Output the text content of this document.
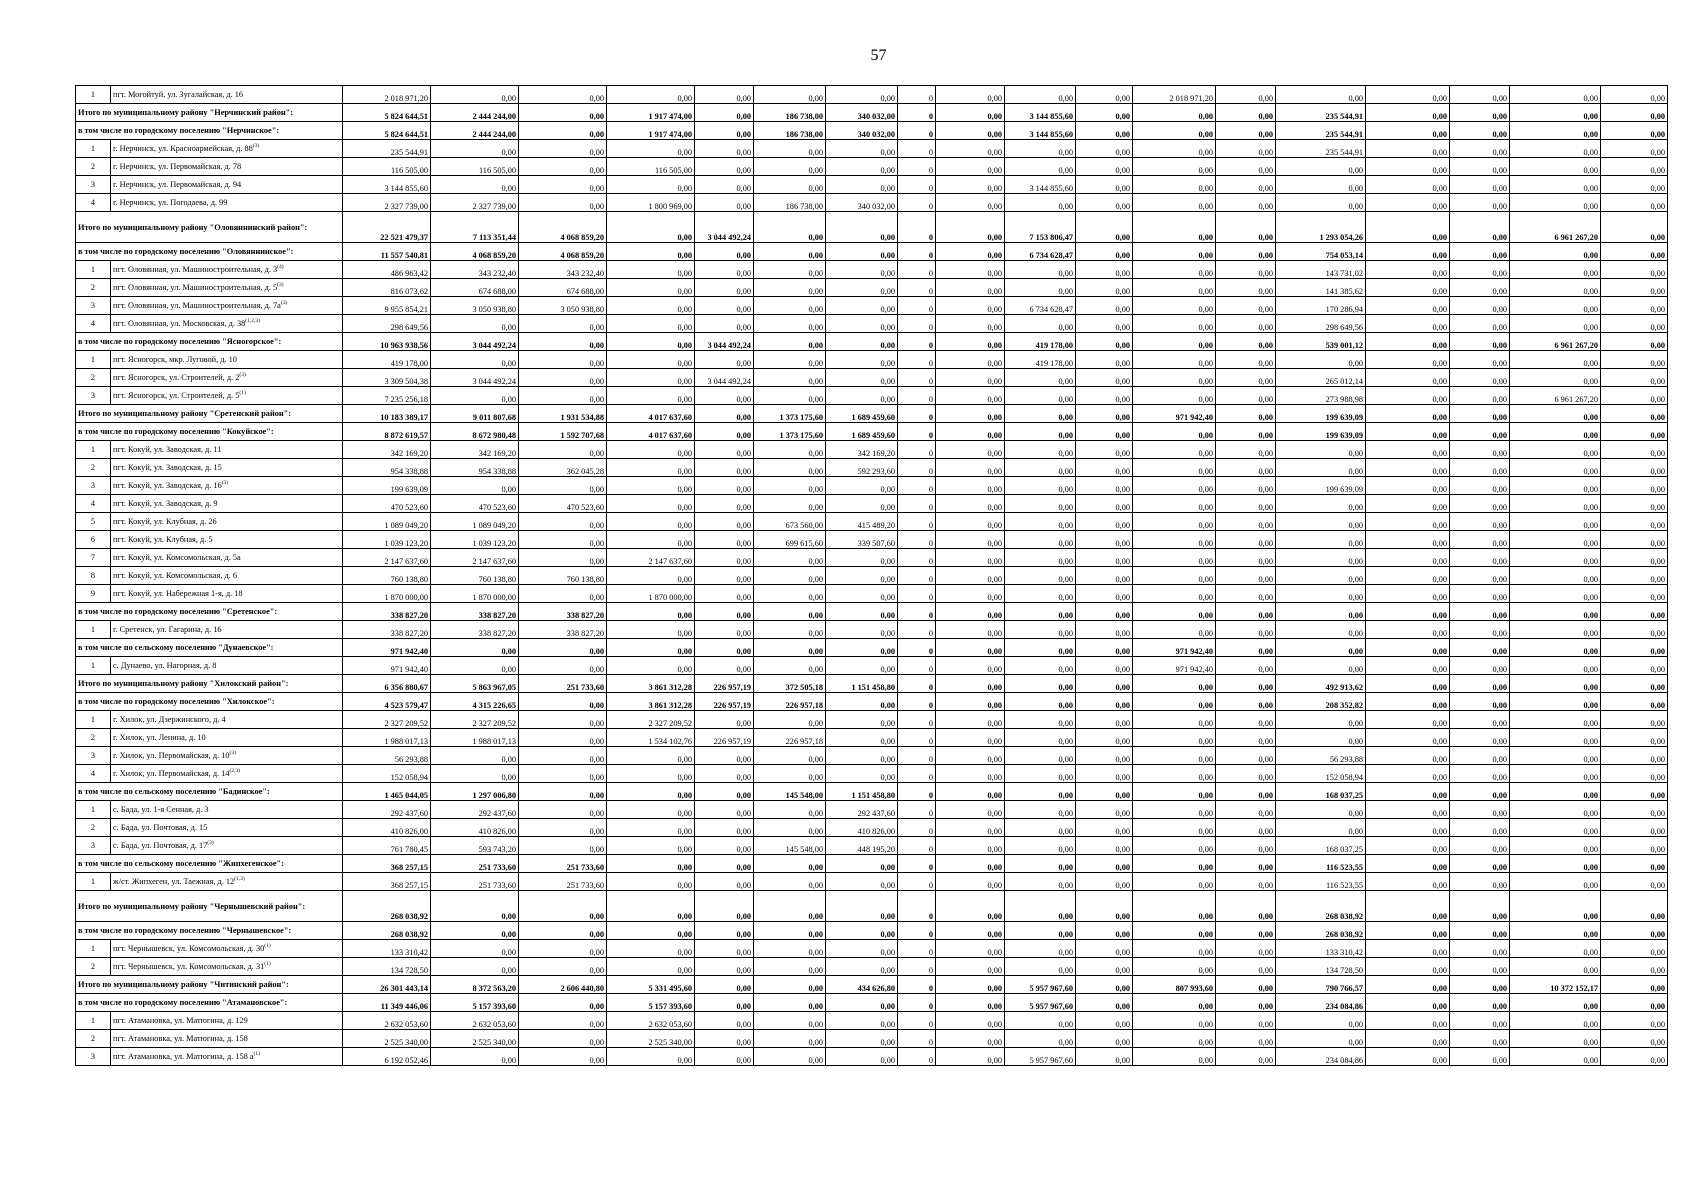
57
1	пгт. Могойтуй, ул. Зугалайская, д. 16	2 018 971,20	0,00	0,00	0,00	0,00	0,00	0,00	0	0,00	0,00	0,00	2 018 971,20	0,00	0,00	0,00	0,00	0,00	0,00
Итого по муниципальному району "Нерчинский район":		5 824 644,51	2 444 244,00	0,00	1 917 474,00	0,00	186 738,00	340 032,00	0	0,00	3 144 855,60	0,00	0,00	0,00	235 544,91	0,00	0,00	0,00	0,00
в том числе по городскому поселению "Нерчинское":		5 824 644,51	2 444 244,00	0,00	1 917 474,00	0,00	186 738,00	340 032,00	0	0,00	3 144 855,60	0,00	0,00	0,00	235 544,91	0,00	0,00	0,00	0,00
1	г. Нерчинск, ул. Красноармейская, д. 88$^{(3)}$	235 544,91	0,00	0,00	0,00	0,00	0,00	0,00	0	0,00	0,00	0,00	0,00	0,00	235 544,91	0,00	0,00	0,00	0,00
2	г. Нерчинск, ул. Первомайская, д. 78	116 505,00	116 505,00	0,00	116 505,00	0,00	0,00	0,00	0	0,00	0,00	0,00	0,00	0,00	0,00	0,00	0,00	0,00	0,00
3	г. Нерчинск, ул. Первомайская, д. 94	3 144 855,60	0,00	0,00	0,00	0,00	0,00	0,00	0	0,00	3 144 855,60	0,00	0,00	0,00	0,00	0,00	0,00	0,00	0,00
4	г. Нерчинск, ул. Погодаева, д. 99	2 327 739,00	2 327 739,00	0,00	1 800 969,00	0,00	186 738,00	340 032,00	0	0,00	0,00	0,00	0,00	0,00	0,00	0,00	0,00	0,00	0,00
Итого по муниципальному району "Оловяннинский район":		22 521 479,37	7 113 351,44	4 068 859,20	0,00	3 044 492,24	0,00	0,00	0	0,00	7 153 806,47	0,00	0,00	0,00	1 293 054,26	0,00	0,00	6 961 267,20	0,00
в том числе по городскому поселению "Оловяннинское":		11 557 540,81	4 068 859,20	4 068 859,20	0,00	0,00	0,00	0,00	0	0,00	6 734 628,47	0,00	0,00	0,00	754 053,14	0,00	0,00	0,00	0,00
1	пгт. Оловянная, ул. Машиностроительная, д. 3$^{(4)}$	486 963,42	343 232,40	343 232,40	0,00	0,00	0,00	0,00	0	0,00	0,00	0,00	0,00	0,00	143 731,02	0,00	0,00	0,00	0,00
2	пгт. Оловянная, ул. Машиностроительная, д. 5$^{(3)}$	816 073,62	674 688,00	674 688,00	0,00	0,00	0,00	0,00	0	0,00	0,00	0,00	0,00	0,00	141 385,62	0,00	0,00	0,00	0,00
3	пгт. Оловянная, ул. Машиностроительная, д. $7а^{(3)}$	9 955 854,21	3 050 938,80	3 050 938,80	0,00	0,00	0,00	0,00	0	0,00	6 734 628,47	0,00	0,00	0,00	170 286,94	0,00	0,00	0,00	0,00
4	пгт. Оловянная, ул. Московская, д. 38$^{(1,2,3)}$	298 649,56	0,00	0,00	0,00	0,00	0,00	0,00	0	0,00	0,00	0,00	0,00	0,00	298 649,56	0,00	0,00	0,00	0,00
в том числе по городскому поселению "Ясногорское":		10 963 938,56	3 044 492,24	0,00	0,00	3 044 492,24	0,00	0,00	0	0,00	419 178,00	0,00	0,00	0,00	539 001,12	0,00	0,00	6 961 267,20	0,00
1	пгт. Ясногорск, мкр. Луговой, д. 10	419 178,00	0,00	0,00	0,00	0,00	0,00	0,00	0	0,00	419 178,00	0,00	0,00	0,00	0,00	0,00	0,00	0,00	0,00
2	пгт. Ясногорск, ул. Строителей, д. 2$^{(3)}$	3 309 504,38	3 044 492,24	0,00	0,00	3 044 492,24	0,00	0,00	0	0,00	0,00	0,00	0,00	0,00	265 012,14	0,00	0,00	0,00	0,00
3	пгт. Ясногорск, ул. Строителей, д. 5$^{(1)}$	7 235 256,18	0,00	0,00	0,00	0,00	0,00	0,00	0	0,00	0,00	0,00	0,00	0,00	273 988,98	0,00	0,00	6 961 267,20	0,00
Итого по муниципальному району "Сретенский район":		10 183 389,17	9 011 807,68	1 931 534,88	4 017 637,60	0,00	1 373 175,60	1 689 459,60	0	0,00	0,00	0,00	971 942,40	0,00	199 639,09	0,00	0,00	0,00	0,00
в том числе по городскому поселению "Кокуйское":		8 872 619,57	8 672 980,48	1 592 707,68	4 017 637,60	0,00	1 373 175,60	1 689 459,60	0	0,00	0,00	0,00	0,00	0,00	199 639,09	0,00	0,00	0,00	0,00
1	пгт. Кокуй, ул. Заводская, д. 11	342 169,20	342 169,20	0,00	0,00	0,00	0,00	342 169,20	0	0,00	0,00	0,00	0,00	0,00	0,00	0,00	0,00	0,00	0,00
2	пгт. Кокуй, ул. Заводская, д. 15	954 338,88	954 338,88	362 045,28	0,00	0,00	0,00	592 293,60	0	0,00	0,00	0,00	0,00	0,00	0,00	0,00	0,00	0,00	0,00
3	пгт. Кокуй, ул. Заводская, д. 16$^{(3)}$	199 639,09	0,00	0,00	0,00	0,00	0,00	0,00	0	0,00	0,00	0,00	0,00	0,00	199 639,09	0,00	0,00	0,00	0,00
4	пгт. Кокуй, ул. Заводская, д. 9	470 523,60	470 523,60	470 523,60	0,00	0,00	0,00	0,00	0	0,00	0,00	0,00	0,00	0,00	0,00	0,00	0,00	0,00	0,00
5	пгт. Кокуй, ул. Клубная, д. 26	1 089 049,20	1 089 049,20	0,00	0,00	0,00	673 560,00	415 489,20	0	0,00	0,00	0,00	0,00	0,00	0,00	0,00	0,00	0,00	0,00
6	пгт. Кокуй, ул. Клубная, д. 5	1 039 123,20	1 039 123,20	0,00	0,00	0,00	699 615,60	339 507,60	0	0,00	0,00	0,00	0,00	0,00	0,00	0,00	0,00	0,00	0,00
7	пгт. Кокуй, ул. Комсомольская, д. 5а	2 147 637,60	2 147 637,60	0,00	2 147 637,60	0,00	0,00	0,00	0	0,00	0,00	0,00	0,00	0,00	0,00	0,00	0,00	0,00	0,00
8	пгт. Кокуй, ул. Комсомольская, д. 6	760 138,80	760 138,80	760 138,80	0,00	0,00	0,00	0,00	0	0,00	0,00	0,00	0,00	0,00	0,00	0,00	0,00	0,00	0,00
9	пгт. Кокуй, ул. Набережная 1-я, д. 18	1 870 000,00	1 870 000,00	0,00	1 870 000,00	0,00	0,00	0,00	0	0,00	0,00	0,00	0,00	0,00	0,00	0,00	0,00	0,00	0,00
в том числе по городскому поселению "Сретенское":		338 827,20	338 827,20	338 827,20	0,00	0,00	0,00	0,00	0	0,00	0,00	0,00	0,00	0,00	0,00	0,00	0,00	0,00	0,00
1	г. Сретенск, ул. Гагарина, д. 16	338 827,20	338 827,20	338 827,20	0,00	0,00	0,00	0,00	0	0,00	0,00	0,00	0,00	0,00	0,00	0,00	0,00	0,00	0,00
в том числе по сельскому поселению "Дунаевское":		971 942,40	0,00	0,00	0,00	0,00	0,00	0,00	0	0,00	0,00	0,00	971 942,40	0,00	0,00	0,00	0,00	0,00	0,00
1	с. Дунаево, ул. Нагорная, д. 8	971 942,40	0,00	0,00	0,00	0,00	0,00	0,00	0	0,00	0,00	0,00	971 942,40	0,00	0,00	0,00	0,00	0,00	0,00
Итого по муниципальному району "Хилокский район":		6 356 880,67	5 863 967,05	251 733,60	3 861 312,28	226 957,19	372 505,18	1 151 458,80	0	0,00	0,00	0,00	0,00	0,00	492 913,62	0,00	0,00	0,00	0,00
в том числе по городскому поселению "Хилокское":		4 523 579,47	4 315 226,65	0,00	3 861 312,28	226 957,19	226 957,18	0,00	0	0,00	0,00	0,00	0,00	0,00	208 352,82	0,00	0,00	0,00	0,00
1	г. Хилок, ул. Дзержинского, д. 4	2 327 209,52	2 327 209,52	0,00	2 327 209,52	0,00	0,00	0,00	0	0,00	0,00	0,00	0,00	0,00	0,00	0,00	0,00	0,00	0,00
2	г. Хилок, ул. Ленина, д. 10	1 988 017,13	1 988 017,13	0,00	1 534 102,76	226 957,19	226 957,18	0,00	0	0,00	0,00	0,00	0,00	0,00	0,00	0,00	0,00	0,00	0,00
3	г. Хилок, ул. Первомайская, д. 10$^{(3)}$	56 293,88	0,00	0,00	0,00	0,00	0,00	0,00	0	0,00	0,00	0,00	0,00	0,00	56 293,88	0,00	0,00	0,00	0,00
4	г. Хилок, ул. Первомайская, д. 14$^{(2,3)}$	152 058,94	0,00	0,00	0,00	0,00	0,00	0,00	0	0,00	0,00	0,00	0,00	0,00	152 058,94	0,00	0,00	0,00	0,00
в том числе по сельскому поселению "Бадинское":		1 465 044,05	1 297 006,80	0,00	0,00	0,00	145 548,00	1 151 458,80	0	0,00	0,00	0,00	0,00	0,00	168 037,25	0,00	0,00	0,00	0,00
1	с. Бада, ул. 1-я Сенная, д. 3	292 437,60	292 437,60	0,00	0,00	0,00	0,00	292 437,60	0	0,00	0,00	0,00	0,00	0,00	0,00	0,00	0,00	0,00	0,00
2	с. Бада, ул. Почтовая, д. 15	410 826,00	410 826,00	0,00	0,00	0,00	0,00	410 826,00	0	0,00	0,00	0,00	0,00	0,00	0,00	0,00	0,00	0,00	0,00
3	с. Бада, ул. Почтовая, д. 17$^{(3)}$	761 780,45	593 743,20	0,00	0,00	0,00	145 548,00	448 195,20	0	0,00	0,00	0,00	0,00	0,00	168 037,25	0,00	0,00	0,00	0,00
в том числе по сельскому поселению "Жипхегенское":		368 257,15	251 733,60	251 733,60	0,00	0,00	0,00	0,00	0	0,00	0,00	0,00	0,00	0,00	116 523,55	0,00	0,00	0,00	0,00
1	ж/ст. Жипхеген, ул. Таежная, д. 12$^{(1,3)}$	368 257,15	251 733,60	251 733,60	0,00	0,00	0,00	0,00	0	0,00	0,00	0,00	0,00	0,00	116 523,55	0,00	0,00	0,00	0,00
Итого по муниципальному району "Чернышевский район":		268 038,92	0,00	0,00	0,00	0,00	0,00	0,00	0	0,00	0,00	0,00	0,00	0,00	268 038,92	0,00	0,00	0,00	0,00
в том числе по городскому поселению "Чернышевское":		268 038,92	0,00	0,00	0,00	0,00	0,00	0,00	0	0,00	0,00	0,00	0,00	0,00	268 038,92	0,00	0,00	0,00	0,00
1	пгт. Чернышевск, ул. Комсомольская, д. 30$^{(1)}$	133 310,42	0,00	0,00	0,00	0,00	0,00	0,00	0	0,00	0,00	0,00	0,00	0,00	133 310,42	0,00	0,00	0,00	0,00
2	пгт. Чернышевск, ул. Комсомольская, д. 31$^{(1)}$	134 728,50	0,00	0,00	0,00	0,00	0,00	0,00	0	0,00	0,00	0,00	0,00	0,00	134 728,50	0,00	0,00	0,00	0,00
Итого по муниципальному району "Читинский район":		26 301 443,14	8 372 563,20	2 606 440,80	5 331 495,60	0,00	0,00	434 626,80	0	0,00	5 957 967,60	0,00	807 993,60	0,00	790 766,57	0,00	0,00	10 372 152,17	0,00
в том числе по городскому поселению "Атамановское":		11 349 446,06	5 157 393,60	0,00	5 157 393,60	0,00	0,00	0,00	0	0,00	5 957 967,60	0,00	0,00	0,00	234 084,86	0,00	0,00	0,00	0,00
1	пгт. Атамановка, ул. Матюгина, д. 129	2 632 053,60	2 632 053,60	0,00	2 632 053,60	0,00	0,00	0,00	0	0,00	0,00	0,00	0,00	0,00	0,00	0,00	0,00	0,00	0,00
2	пгт. Атамановка, ул. Матюгина, д. 158	2 525 340,00	2 525 340,00	0,00	2 525 340,00	0,00	0,00	0,00	0	0,00	0,00	0,00	0,00	0,00	0,00	0,00	0,00	0,00	0,00
3	пгт. Атамановка, ул. Матюгина, д. 158 $а^{(1)}$	6 192 052,46	0,00	0,00	0,00	0,00	0,00	0,00	0	0,00	5 957 967,60	0,00	0,00	0,00	234 084,86	0,00	0,00	0,00	0,00
